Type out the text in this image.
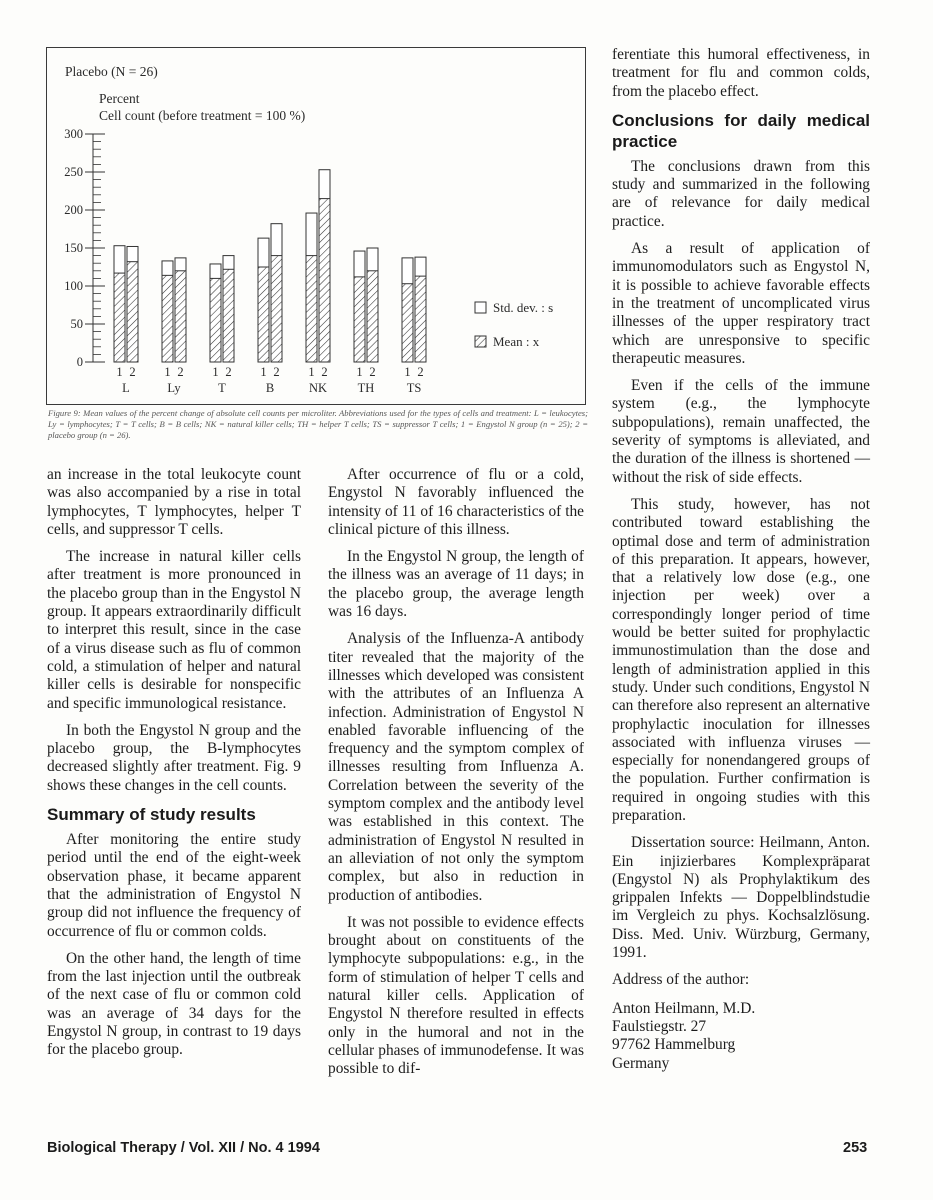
Placebo (N = 26)
Percent
Cell count (before treatment = 100 %)
0
50
100
150
200
250
300
1 2
L
1 2
Ly
1 2
T
1 2
B
1 2
NK
1 2
TH
1 2
TS
Std. dev. : s
Mean : x
Figure 9: Mean values of the percent change of absolute cell counts per microliter. Abbreviations used for the types of cells and treatment: L = leukocytes; Ly = lymphocytes; T = T cells; B = B cells; NK = natural killer cells; TH = helper T cells; TS = suppressor T cells; 1 = Engystol N group (n = 25); 2 = placebo group (n = 26).

an increase in the total leukocyte count was also accompanied by a rise in total lymphocytes, T lymphocytes, helper T cells, and suppressor T cells.

The increase in natural killer cells after treatment is more pronounced in the placebo group than in the Engystol N group. It appears extraordinarily difficult to interpret this result, since in the case of a virus disease such as flu of common cold, a stimulation of helper and natural killer cells is desirable for nonspecific and specific immunological resistance.

In both the Engystol N group and the placebo group, the B-lymphocytes decreased slightly after treatment. Fig. 9 shows these changes in the cell counts.

Summary of study results

After monitoring the entire study period until the end of the eight-week observation phase, it became apparent that the administration of Engystol N group did not influence the frequency of occurrence of flu or common colds.

On the other hand, the length of time from the last injection until the outbreak of the next case of flu or common cold was an average of 34 days for the Engystol N group, in contrast to 19 days for the placebo group.

After occurrence of flu or a cold, Engystol N favorably influenced the intensity of 11 of 16 characteristics of the clinical picture of this illness.

In the Engystol N group, the length of the illness was an average of 11 days; in the placebo group, the average length was 16 days.

Analysis of the Influenza-A antibody titer revealed that the majority of the illnesses which developed was consistent with the attributes of an Influenza A infection. Administration of Engystol N enabled favorable influencing of the frequency and the symptom complex of illnesses resulting from Influenza A. Correlation between the severity of the symptom complex and the antibody level was established in this context. The administration of Engystol N resulted in an alleviation of not only the symptom complex, but also in reduction in production of antibodies.

It was not possible to evidence effects brought about on constituents of the lymphocyte subpopulations: e.g., in the form of stimulation of helper T cells and natural killer cells. Application of Engystol N therefore resulted in effects only in the humoral and not in the cellular phases of immunodefense. It was possible to dif-

ferentiate this humoral effectiveness, in treatment for flu and common colds, from the placebo effect.

Conclusions for daily medical practice

The conclusions drawn from this study and summarized in the following are of relevance for daily medical practice.

As a result of application of immunomodulators such as Engystol N, it is possible to achieve favorable effects in the treatment of uncomplicated virus illnesses of the upper respiratory tract which are unresponsive to specific therapeutic measures.

Even if the cells of the immune system (e.g., the lymphocyte subpopulations), remain unaffected, the severity of symptoms is alleviated, and the duration of the illness is shortened — without the risk of side effects.

This study, however, has not contributed toward establishing the optimal dose and term of administration of this preparation. It appears, however, that a relatively low dose (e.g., one injection per week) over a correspondingly longer period of time would be better suited for prophylactic immunostimulation than the dose and length of administration applied in this study. Under such conditions, Engystol N can therefore also represent an alternative prophylactic inoculation for illnesses associated with influenza viruses — especially for nonendangered groups of the population. Further confirmation is required in ongoing studies with this preparation.

Dissertation source: Heilmann, Anton. Ein injizierbares Komplexpräparat (Engystol N) als Prophylaktikum des grippalen Infekts — Doppelblindstudie im Vergleich zu phys. Kochsalzlösung. Diss. Med. Univ. Würzburg, Germany, 1991.

Address of the author:

Anton Heilmann, M.D.

Faulstiegstr. 27

97762 Hammelburg

Germany

Biological Therapy / Vol. XII / No. 4 1994	253
